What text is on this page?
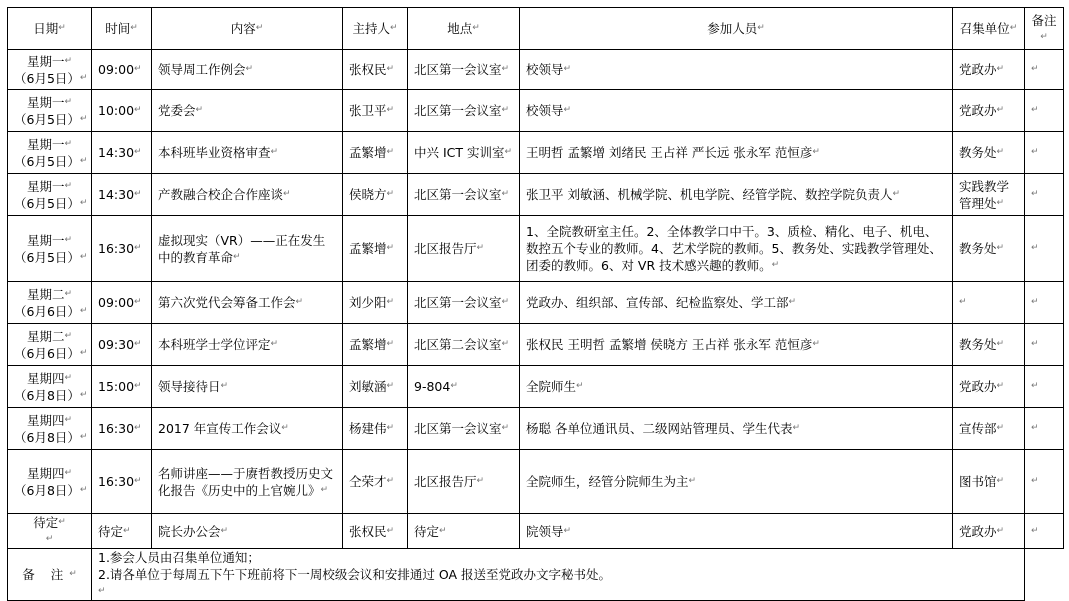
日期↵	时间↵	内容↵	主持人↵	地点↵	参加人员↵	召集单位↵	备注↵

星期一↵
（6月5日）↵	09:00↵	领导周工作例会↵	张权民↵	北区第一会议室↵	校领导↵	党政办↵	↵

星期一↵
（6月5日）↵	10:00↵	党委会↵	张卫平↵	北区第一会议室↵	校领导↵	党政办↵	↵

星期一↵
（6月5日）↵	14:30↵	本科班毕业资格审查↵	孟繁增↵	中兴 ICT 实训室↵	王明哲 孟繁增 刘绪民 王占祥 严长远 张永军 范恒彦↵	教务处↵	↵

星期一↵
（6月5日）↵	14:30↵	产教融合校企合作座谈↵	侯晓方↵	北区第一会议室↵	张卫平 刘敏涵、机械学院、机电学院、经管学院、数控学院负责人↵	实践教学管理处↵	↵

星期一↵
（6月5日）↵	16:30↵	虚拟现实（VR）——正在发生中的教育革命↵	孟繁增↵	北区报告厅↵	1、全院教研室主任。2、全体教学口中干。3、质检、精化、电子、机电、数控五个专业的教师。4、艺术学院的教师。5、教务处、实践教学管理处、团委的教师。6、对 VR 技术感兴趣的教师。↵	教务处↵	↵

星期二↵
（6月6日）↵	09:00↵	第六次党代会筹备工作会↵	刘少阳↵	北区第一会议室↵	党政办、组织部、宣传部、纪检监察处、学工部↵	↵	↵

星期二↵
（6月6日）↵	09:30↵	本科班学士学位评定↵	孟繁增↵	北区第二会议室↵	张权民 王明哲 孟繁增 侯晓方 王占祥 张永军 范恒彦↵	教务处↵	↵

星期四↵
（6月8日）↵	15:00↵	领导接待日↵	刘敏涵↵	9-804↵	全院师生↵	党政办↵	↵

星期四↵
（6月8日）↵	16:30↵	2017 年宣传工作会议↵	杨建伟↵	北区第一会议室↵	杨聪 各单位通讯员、二级网站管理员、学生代表↵	宣传部↵	↵

星期四↵
（6月8日）↵	16:30↵	名师讲座——于赓哲教授历史文化报告《历史中的上官婉儿》↵	仝荣才↵	北区报告厅↵	全院师生，经管分院师生为主↵	图书馆↵	↵

待定↵
↵	待定↵	院长办公会↵	张权民↵	待定↵	院领导↵	党政办↵	↵
备 注↵	1.参会人员由召集单位通知；
2.请各单位于每周五下午下班前将下一周校级会议和安排通过 OA 报送至党政办文字秘书处。
↵	
